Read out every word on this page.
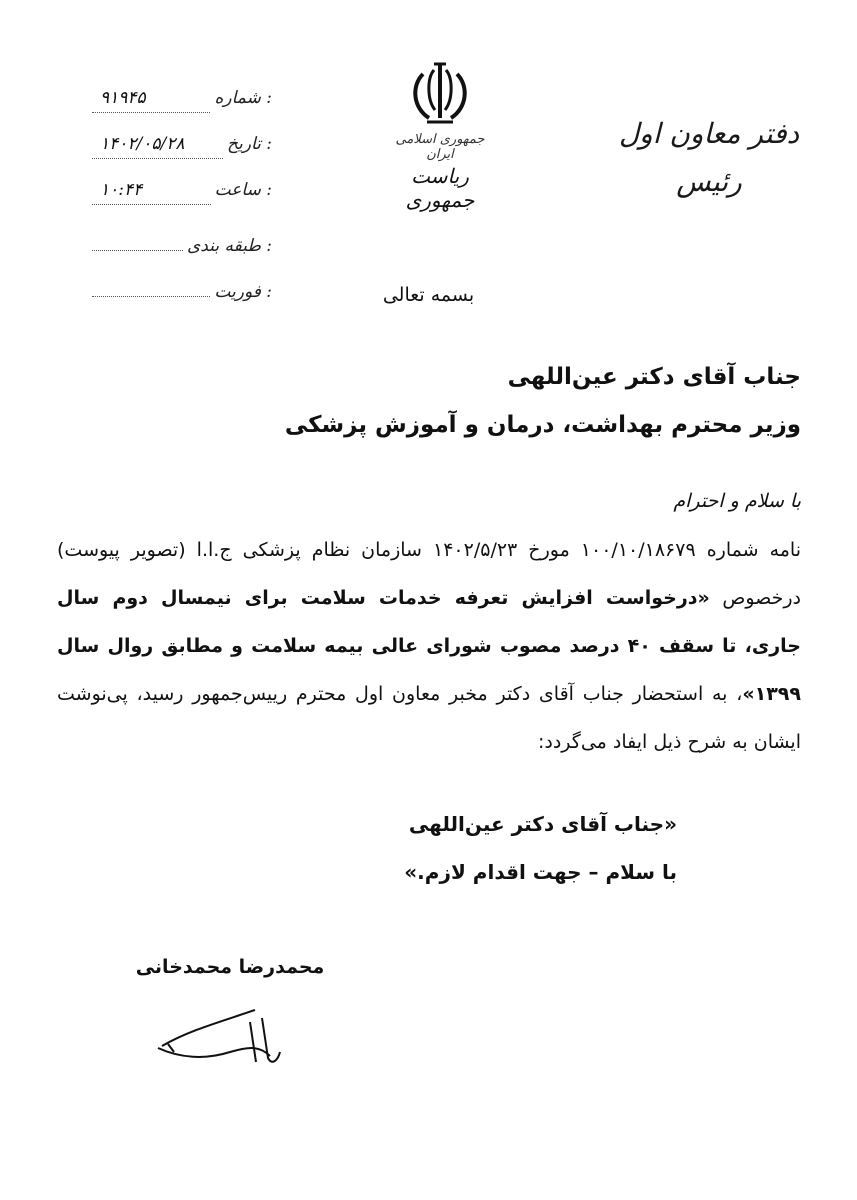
دفتر معاون اول
رئیس
جمهوری اسلامی ایران
ریاست جمهوری
شماره :
۹۱۹۴۵
تاریخ :
۱۴۰۲/۰۵/۲۸
ساعت :
۱۰:۴۴
طبقه بندی :
فوریت :	بسمه تعالی
جناب آقای دکتر عین‌اللهی
وزیر محترم بهداشت، درمان و آموزش پزشکی
با سلام و احترام
نامه شماره ۱۰۰/۱۰/۱۸۶۷۹ مورخ ۱۴۰۲/۵/۲۳ سازمان نظام پزشکی ج.ا.ا (تصویر پیوست) درخصوص «درخواست افزایش تعرفه خدمات سلامت برای نیمسال دوم سال جاری، تا سقف ۴۰ درصد مصوب شورای عالی بیمه سلامت و مطابق روال سال ۱۳۹۹»، به استحضار جناب آقای دکتر مخبر معاون اول محترم رییس‌جمهور رسید، پی‌نوشت ایشان به شرح ذیل ایفاد می‌گردد:
«جناب آقای دکتر عین‌اللهی
با سلام – جهت اقدام لازم.»
محمدرضا محمدخانی
